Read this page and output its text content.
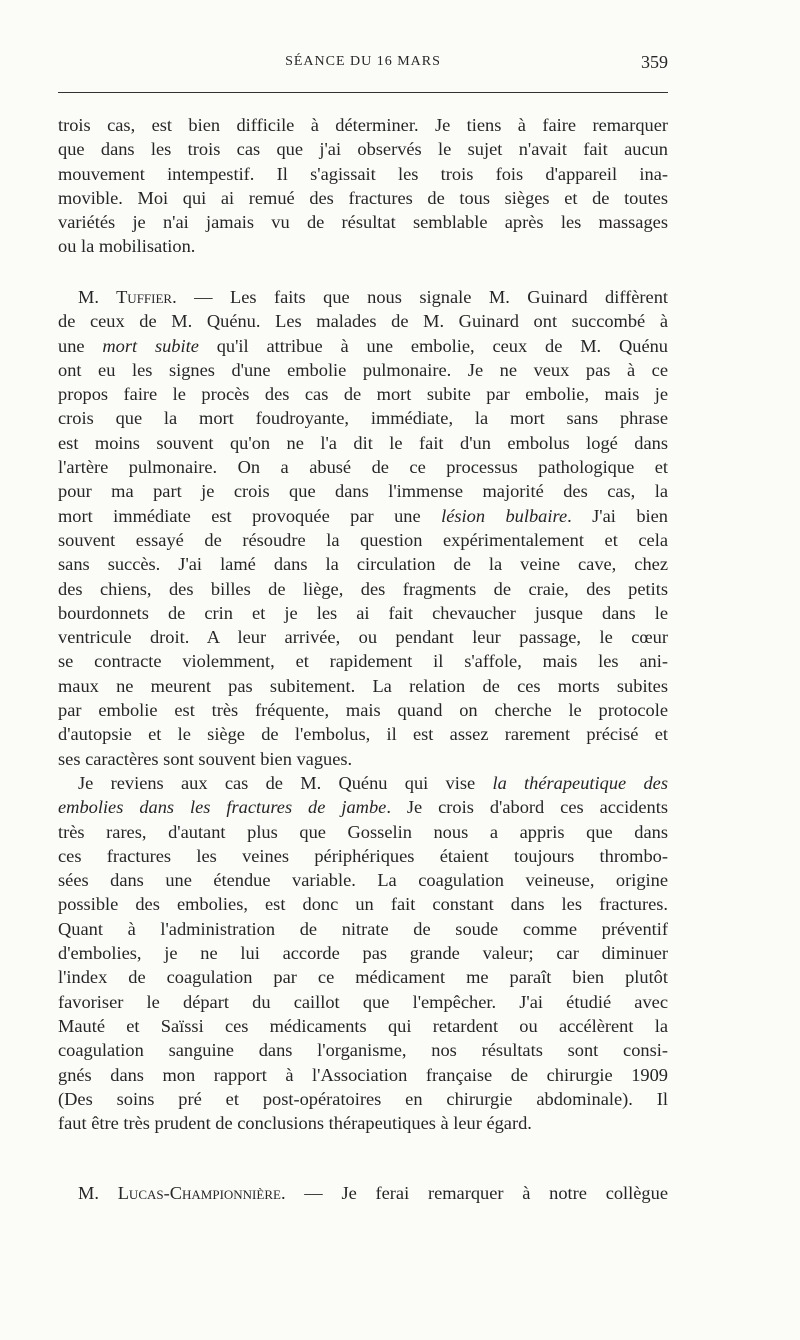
SÉANCE DU 16 MARS	359
trois cas, est bien difficile à déterminer. Je tiens à faire remarquer
que dans les trois cas que j'ai observés le sujet n'avait fait aucun
mouvement intempestif. Il s'agissait les trois fois d'appareil ina-
movible. Moi qui ai remué des fractures de tous sièges et de toutes
variétés je n'ai jamais vu de résultat semblable après les massages
ou la mobilisation.
M. Tuffier. — Les faits que nous signale M. Guinard diffèrent
de ceux de M. Quénu. Les malades de M. Guinard ont succombé à
une mort subite qu'il attribue à une embolie, ceux de M. Quénu
ont eu les signes d'une embolie pulmonaire. Je ne veux pas à ce
propos faire le procès des cas de mort subite par embolie, mais je
crois que la mort foudroyante, immédiate, la mort sans phrase
est moins souvent qu'on ne l'a dit le fait d'un embolus logé dans
l'artère pulmonaire. On a abusé de ce processus pathologique et
pour ma part je crois que dans l'immense majorité des cas, la
mort immédiate est provoquée par une lésion bulbaire. J'ai bien
souvent essayé de résoudre la question expérimentalement et cela
sans succès. J'ai lamé dans la circulation de la veine cave, chez
des chiens, des billes de liège, des fragments de craie, des petits
bourdonnets de crin et je les ai fait chevaucher jusque dans le
ventricule droit. A leur arrivée, ou pendant leur passage, le cœur
se contracte violemment, et rapidement il s'affole, mais les ani-
maux ne meurent pas subitement. La relation de ces morts subites
par embolie est très fréquente, mais quand on cherche le protocole
d'autopsie et le siège de l'embolus, il est assez rarement précisé et
ses caractères sont souvent bien vagues.
Je reviens aux cas de M. Quénu qui vise la thérapeutique des
embolies dans les fractures de jambe. Je crois d'abord ces accidents
très rares, d'autant plus que Gosselin nous a appris que dans
ces fractures les veines périphériques étaient toujours thrombo-
sées dans une étendue variable. La coagulation veineuse, origine
possible des embolies, est donc un fait constant dans les fractures.
Quant à l'administration de nitrate de soude comme préventif
d'embolies, je ne lui accorde pas grande valeur; car diminuer
l'index de coagulation par ce médicament me paraît bien plutôt
favoriser le départ du caillot que l'empêcher. J'ai étudié avec
Mauté et Saïssi ces médicaments qui retardent ou accélèrent la
coagulation sanguine dans l'organisme, nos résultats sont consi-
gnés dans mon rapport à l'Association française de chirurgie 1909
(Des soins pré et post-opératoires en chirurgie abdominale). Il
faut être très prudent de conclusions thérapeutiques à leur égard.
M. Lucas-Championnière. — Je ferai remarquer à notre collègue
